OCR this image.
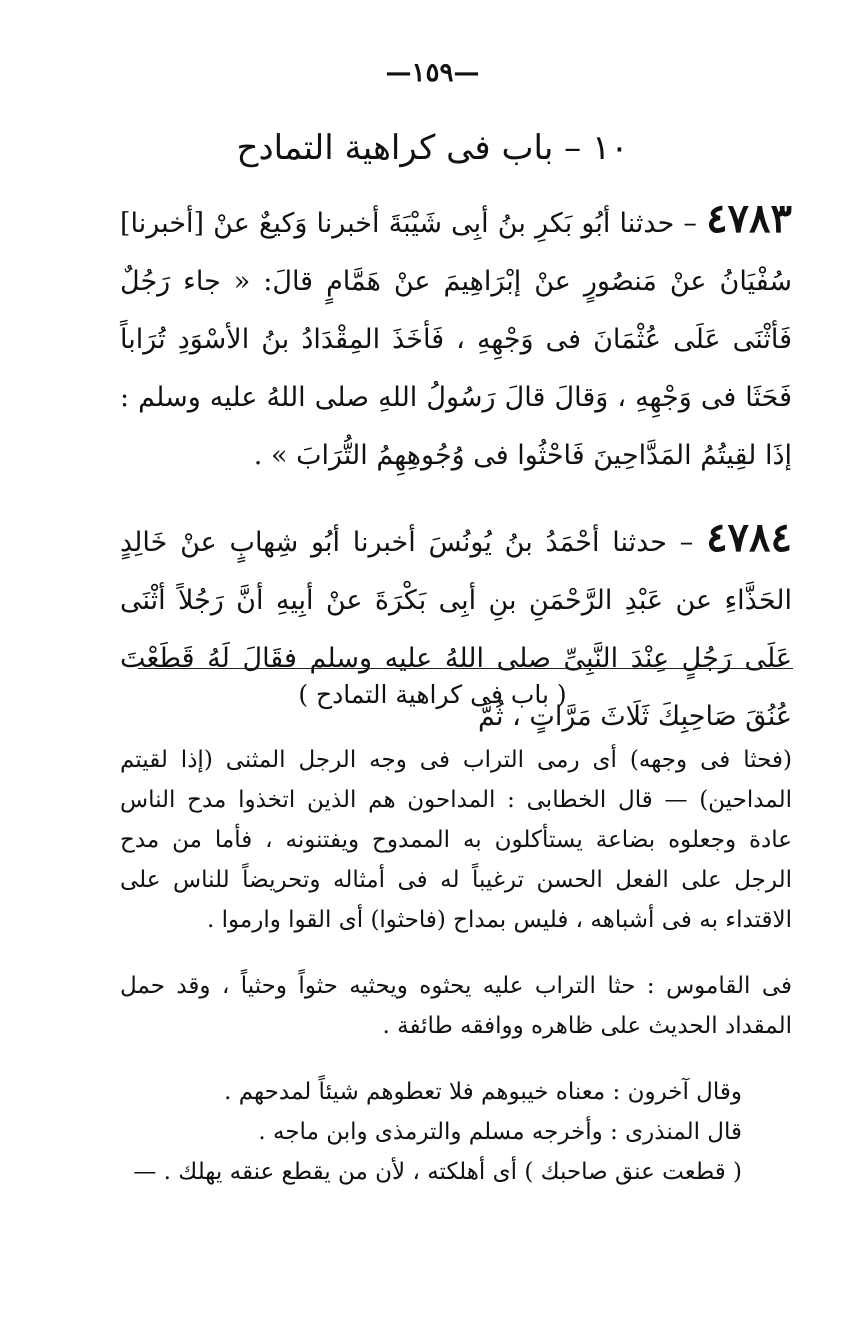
—١٥٩—
١٠ – باب فى كراهية التمادح

٤٧٨٣ – حدثنا أبُو بَكرِ بنُ أبِى شَيْبَةَ أخبرنا وَكيعٌ عنْ [أخبرنا] سُفْيَانُ عنْ مَنصُورٍ عنْ إبْرَاهِيمَ عنْ هَمَّامٍ قالَ: « جاء رَجُلٌ فَأثْنَى عَلَى عُثْمَانَ فى وَجْهِهِ ، فَأخَذَ المِقْدَادُ بنُ الأسْوَدِ تُرَاباً فَحَثَا فى وَجْهِهِ ، وَقالَ قالَ رَسُولُ اللهِ صلى اللهُ عليه وسلم : إذَا لقِيتُمُ المَدَّاحِينَ فَاحْثُوا فى وُجُوهِهِمُ التُّرَابَ » .

٤٧٨٤ – حدثنا أحْمَدُ بنُ يُونُسَ أخبرنا أبُو شِهابٍ عنْ خَالِدٍ الحَذَّاءِ عن عَبْدِ الرَّحْمَنِ بنِ أبِى بَكْرَةَ عنْ أبِيهِ أنَّ رَجُلاً أثْنَى عَلَى رَجُلٍ عِنْدَ النَّبِىِّ صلى اللهُ عليه وسلم فقَالَ لَهُ قَطَعْتَ عُنُقَ صَاحِبِكَ ثَلَاثَ مَرَّاتٍ ، ثُمَّ

( باب فى كراهية التمادح )

(فحثا فى وجهه) أى رمى التراب فى وجه الرجل المثنى (إذا لقيتم المداحين) — قال الخطابى : المداحون هم الذين اتخذوا مدح الناس عادة وجعلوه بضاعة يستأكلون به الممدوح ويفتنونه ، فأما من مدح الرجل على الفعل الحسن ترغيباً له فى أمثاله وتحريضاً للناس على الاقتداء به فى أشباهه ، فليس بمداح (فاحثوا) أى القوا وارموا .

فى القاموس : حثا التراب عليه يحثوه ويحثيه حثواً وحثياً ، وقد حمل المقداد الحديث على ظاهره ووافقه طائفة .

وقال آخرون : معناه خيبوهم فلا تعطوهم شيئاً لمدحهم .

قال المنذرى : وأخرجه مسلم والترمذى وابن ماجه .

( قطعت عنق صاحبك ) أى أهلكته ، لأن من يقطع عنقه يهلك . —
